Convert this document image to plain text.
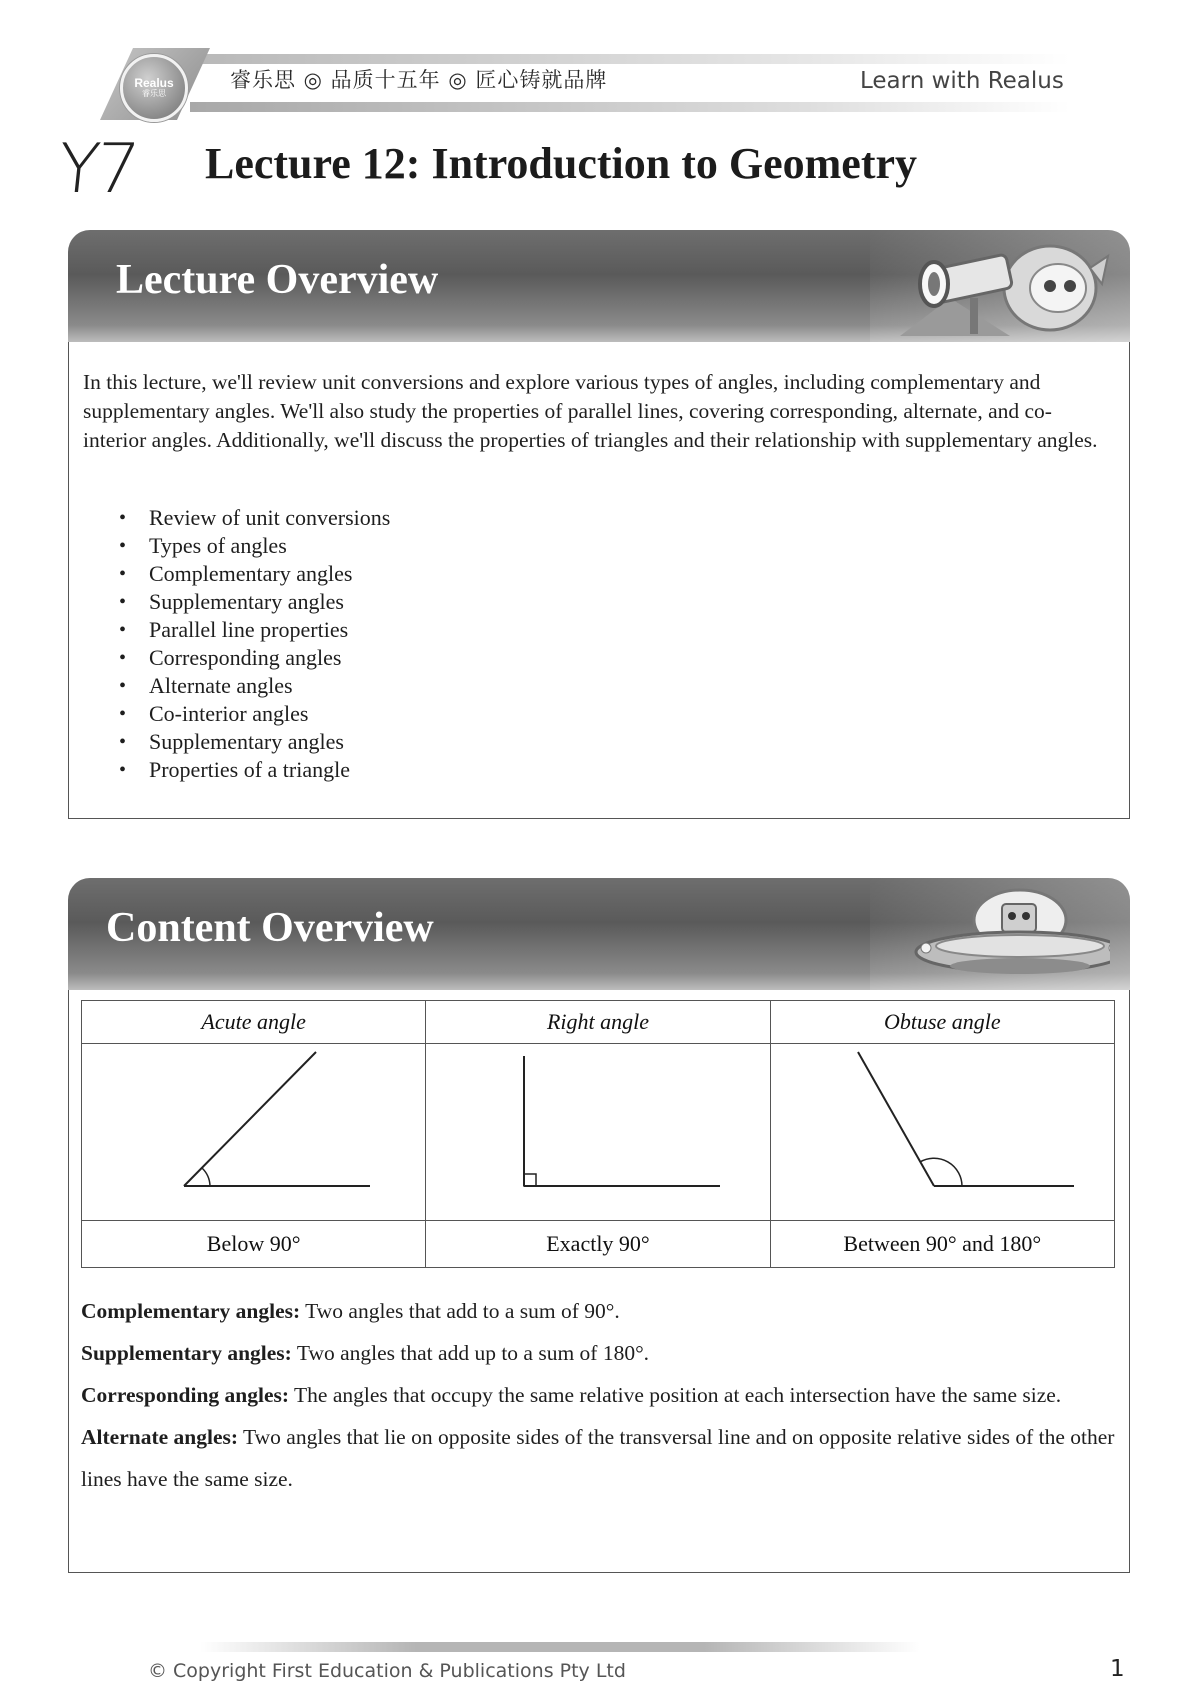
Realus
睿乐思
睿乐思 ◎ 品质十五年 ◎ 匠心铸就品牌	Learn with Realus
Y7 Lecture 12: Introduction to Geometry
Lecture Overview
In this lecture, we'll review unit conversions and explore various types of angles, including complementary and supplementary angles. We'll also study the properties of parallel lines, covering corresponding, alternate, and co-interior angles. Additionally, we'll discuss the properties of triangles and their relationship with supplementary angles.
• Review of unit conversions
• Types of angles
• Complementary angles
• Supplementary angles
• Parallel line properties
• Corresponding angles
• Alternate angles
• Co-interior angles
• Supplementary angles
• Properties of a triangle
Content Overview
Acute angle	Right angle	Obtuse angle

Below 90°	Exactly 90°	Between 90° and 180°

Complementary angles: Two angles that add to a sum of 90°.

Supplementary angles: Two angles that add up to a sum of 180°.

Corresponding angles: The angles that occupy the same relative position at each intersection have the same size.

Alternate angles: Two angles that lie on opposite sides of the transversal line and on opposite relative sides of the other lines have the same size.

© Copyright First Education & Publications Pty Ltd	1
